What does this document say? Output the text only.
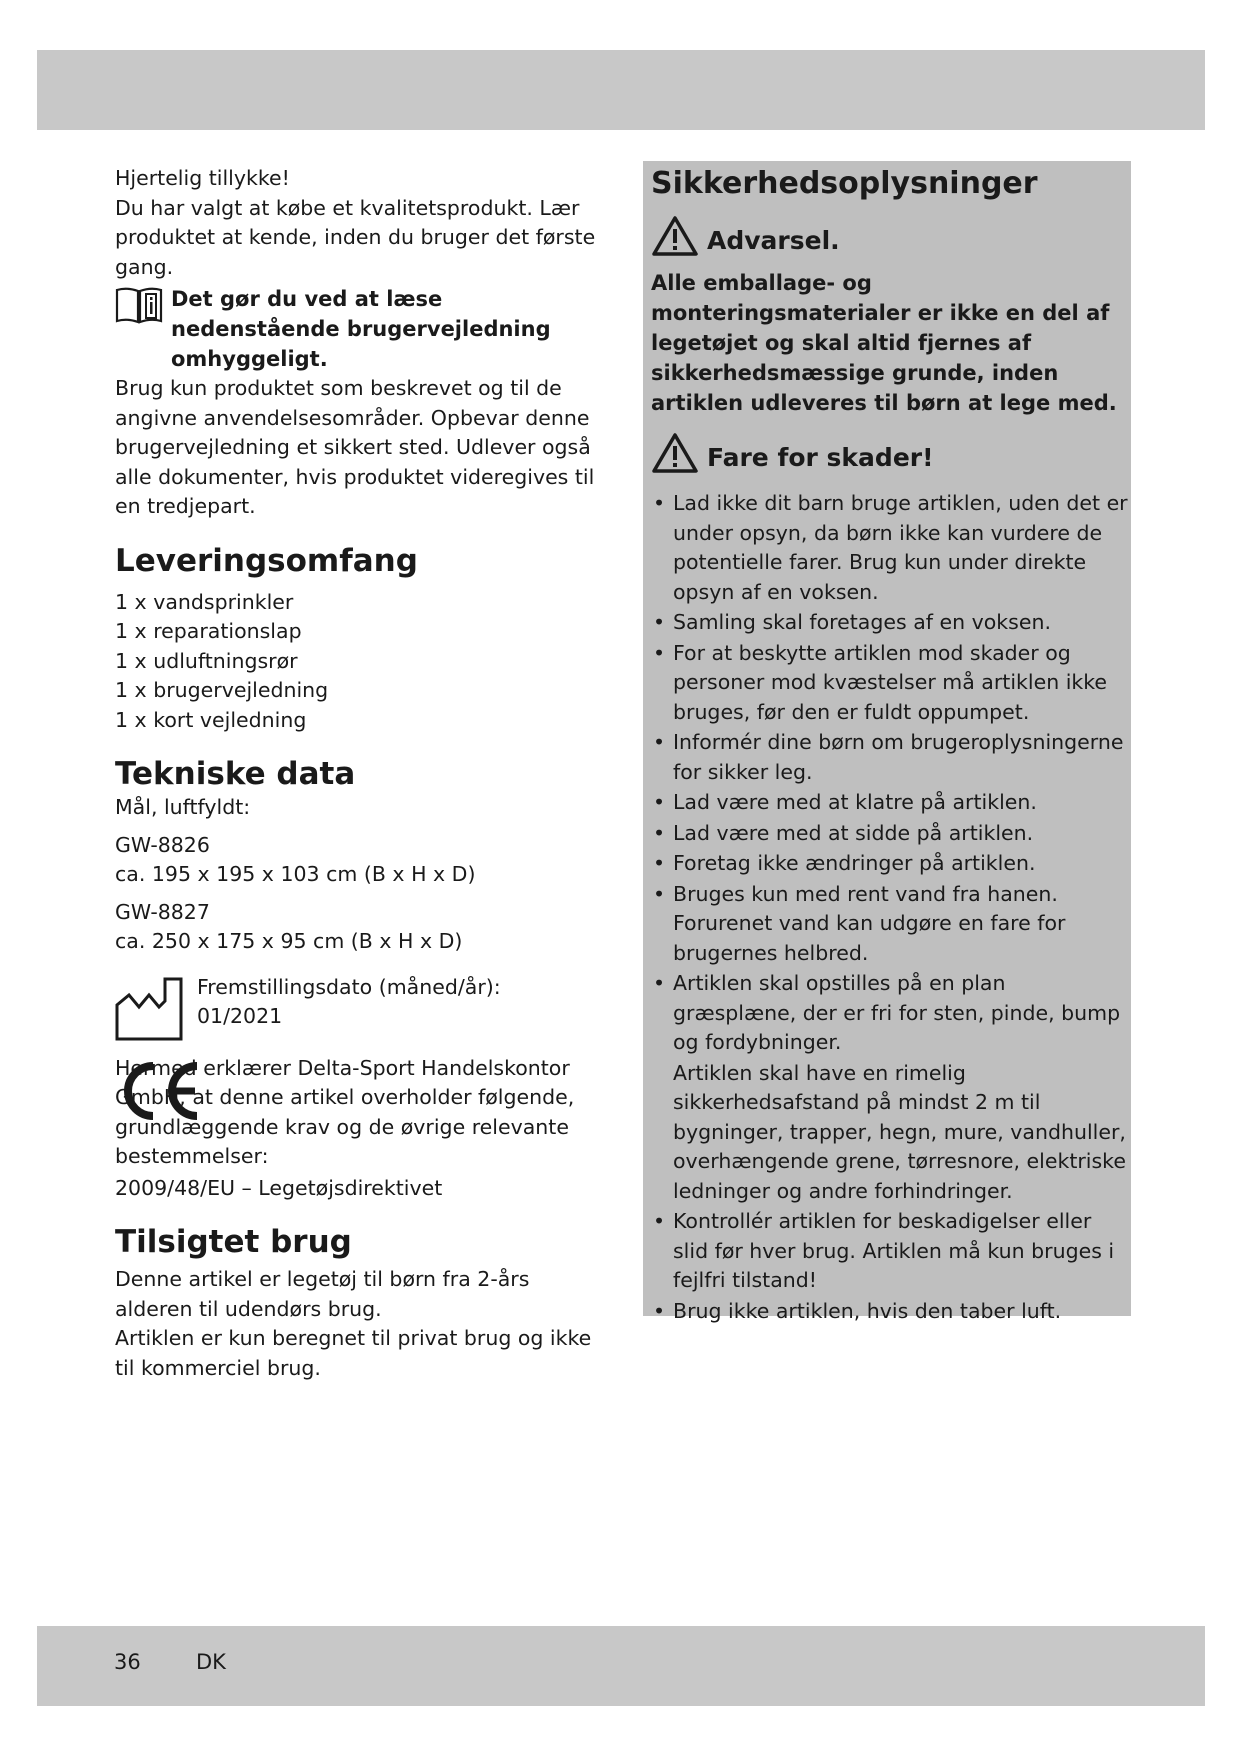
Hjertelig tillykke!

Du har valgt at købe et kvalitetsprodukt. Lær produktet at kende, inden du bruger det første gang.

Det gør du ved at læse nedenstående brugervejledning omhyggeligt.

Brug kun produktet som beskrevet og til de angivne anvendelsesområder. Opbevar denne brugervejledning et sikkert sted. Udlever også alle dokumenter, hvis produktet videregives til en tredjepart.

Leveringsomfang
1 x vandsprinkler
1 x reparationslap
1 x udluftningsrør
1 x brugervejledning
1 x kort vejledning
Tekniske data

Mål, luftfyldt:

GW-8826

ca. 195 x 195 x 103 cm (B x H x D)

GW-8827

ca. 250 x 175 x 95 cm (B x H x D)

Fremstillingsdato (måned/år):

01/2021

Hermed erklærer Delta-Sport Handelskontor GmbH, at denne artikel overholder følgende, grundlæggende krav og de øvrige relevante bestemmelser:

2009/48/EU – Legetøjsdirektivet

Tilsigtet brug

Denne artikel er legetøj til børn fra 2-års alderen til udendørs brug.

Artiklen er kun beregnet til privat brug og ikke til kommerciel brug.

Sikkerhedsoplysninger
Advarsel.

Alle emballage- og monteringsmaterialer er ikke en del af legetøjet og skal altid fjernes af sikkerhedsmæssige grunde, inden artiklen udleveres til børn at lege med.

Fare for skader!
• Lad ikke dit barn bruge artiklen, uden det er under opsyn, da børn ikke kan vurdere de potentielle farer. Brug kun under direkte opsyn af en voksen.
• Samling skal foretages af en voksen.
• For at beskytte artiklen mod skader og personer mod kvæstelser må artiklen ikke bruges, før den er fuldt oppumpet.
• Informér dine børn om brugeroplysningerne for sikker leg.
• Lad være med at klatre på artiklen.
• Lad være med at sidde på artiklen.
• Foretag ikke ændringer på artiklen.
• Bruges kun med rent vand fra hanen. Forurenet vand kan udgøre en fare for brugernes helbred.
• Artiklen skal opstilles på en plan græsplæne, der er fri for sten, pinde, bump og fordybninger.
Artiklen skal have en rimelig sikkerhedsafstand på mindst 2 m til bygninger, trapper, hegn, mure, vandhuller, overhængende grene, tørresnore, elektriske ledninger og andre forhindringer.
• Kontrollér artiklen for beskadigelser eller slid før hver brug. Artiklen må kun bruges i fejlfri tilstand!
• Brug ikke artiklen, hvis den taber luft.
36	DK
